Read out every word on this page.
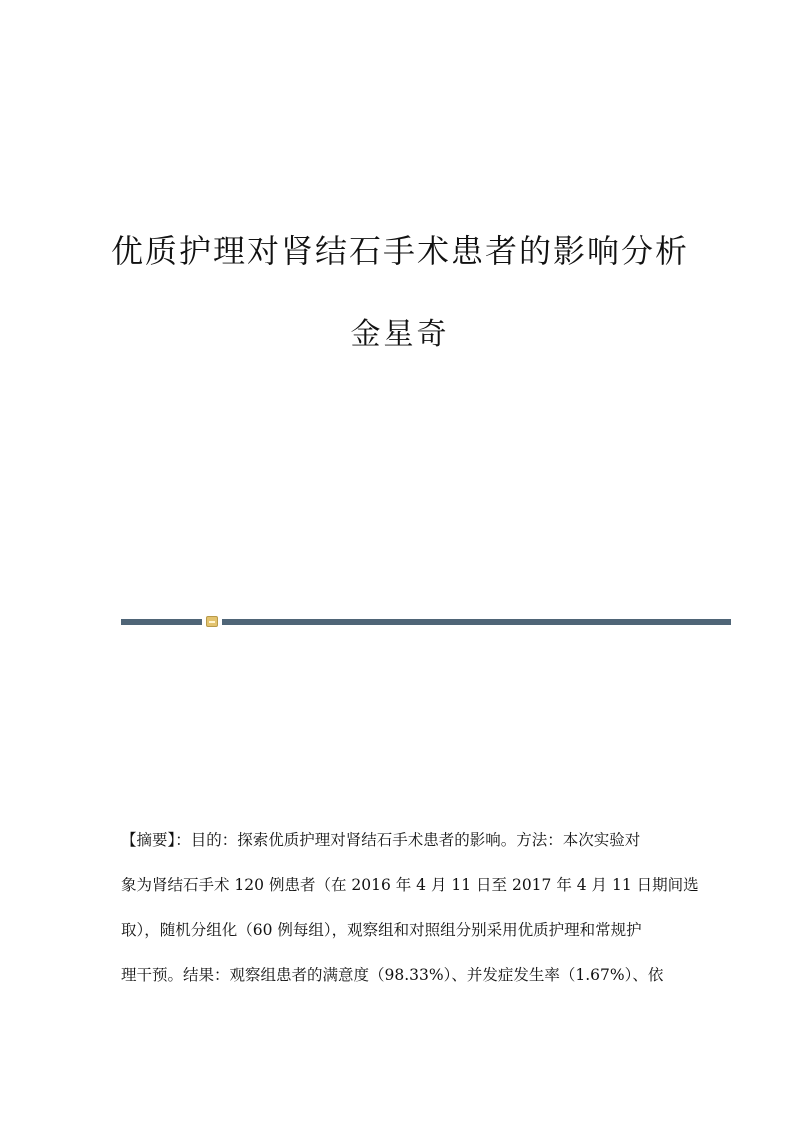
优质护理对肾结石手术患者的影响分析
金星奇
【摘要】：目的：探索优质护理对肾结石手术患者的影响。方法：本次实验对
象为肾结石手术 120 例患者（在 2016 年 4 月 11 日至 2017 年 4 月 11 日期间选
取），随机分组化（60 例每组），观察组和对照组分别采用优质护理和常规护
理干预。结果：观察组患者的满意度（98.33%）、并发症发生率（1.67%）、依
